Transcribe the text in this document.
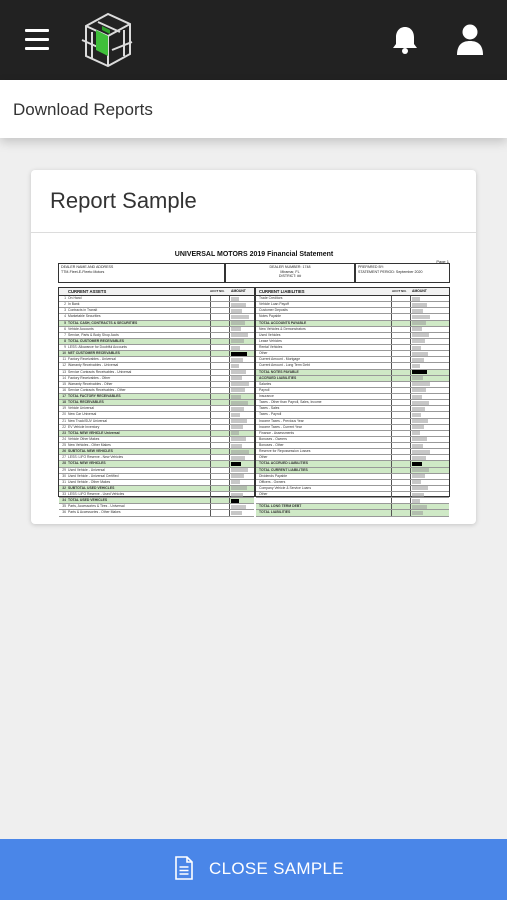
Download Reports
Report Sample
UNIVERSAL MOTORS 2019 Financial Statement
Page 1
DEALER NAME AND ADDRESS
TTM-Fleet-E-Fleeto Motors
DEALER NUMBER: 1748
Miramar, FL
DISTRICT: ##
PREPARED BY:
STATEMENT PERIOD: September 2020
CURRENT ASSETS	ACCT NO. AMOUNT
1 On Hand
2 In Bank
3 Contracts in Transit
4 Marketable Securities
5 TOTAL CASH, CONTRACTS & SECURITIES
6 Vehicle Accounts
7 Service, Parts & Body Shop Accts
8 TOTAL CUSTOMER RECEIVABLES
9 LESS: Allowance for Doubtful Accounts
10 NET CUSTOMER RECEIVABLES
11 Factory Receivables - Universal
12 Warranty Receivables - Universal
13 Service Contracts Receivables - Universal
14 Factory Receivables - Other
15 Warranty Receivables - Other
16 Service Contracts Receivables - Other
17 TOTAL FACTORY RECEIVABLES
18 TOTAL RECEIVABLES
19 Vehicle Universal
20 New Car Universal
21 New Truck/SUV Universal
22 EV Vehicle Inventory
23 TOTAL NEW VEHICLE Universal
24 Vehicle Other Makes
25 New Vehicles - Other Makes
26 SUBTOTAL NEW VEHICLES
27 LESS: LIFO Reserve - New Vehicles
28 TOTAL NEW VEHICLES
29 Used Vehicle - Universal
30 Used Vehicle - Universal Certified
31 Used Vehicle - Other Makes
32 SUBTOTAL USED VEHICLES
33 LESS: LIFO Reserve - Used Vehicles
34 TOTAL USED VEHICLES
35 Parts, Accessories & Tires - Universal
36 Parts & Accessories - Other Makes
CURRENT LIABILITIES	ACCT NO. AMOUNT
Trade Creditors
Vehicle Loan Payoff
Customer Deposits
Notes Payable
TOTAL ACCOUNTS PAYABLE
New Vehicles & Demonstrators
Used Vehicles
Lease Vehicles
Rental Vehicles
Other
Current Amount - Mortgage
Current Amount - Long Term Debt
TOTAL NOTES PAYABLE
ACCRUED LIABILITIES
Salaries
Payroll
Insurance
Taxes - Other than Payroll, Sales, Income
Taxes - Sales
Taxes - Payroll
Income Taxes - Previous Year
Income Taxes - Current Year
Finance - Assessments
Bonuses - Owners
Bonuses - Other
Reserve for Repossession Losses
Other
TOTAL ACCRUED LIABILITIES
TOTAL CURRENT LIABILITIES
Dividends Payable
Officers - Owners
Company Vehicle & Service Loans
Other
TOTAL LONG TERM DEBT
TOTAL LIABILITIES
CLOSE SAMPLE
